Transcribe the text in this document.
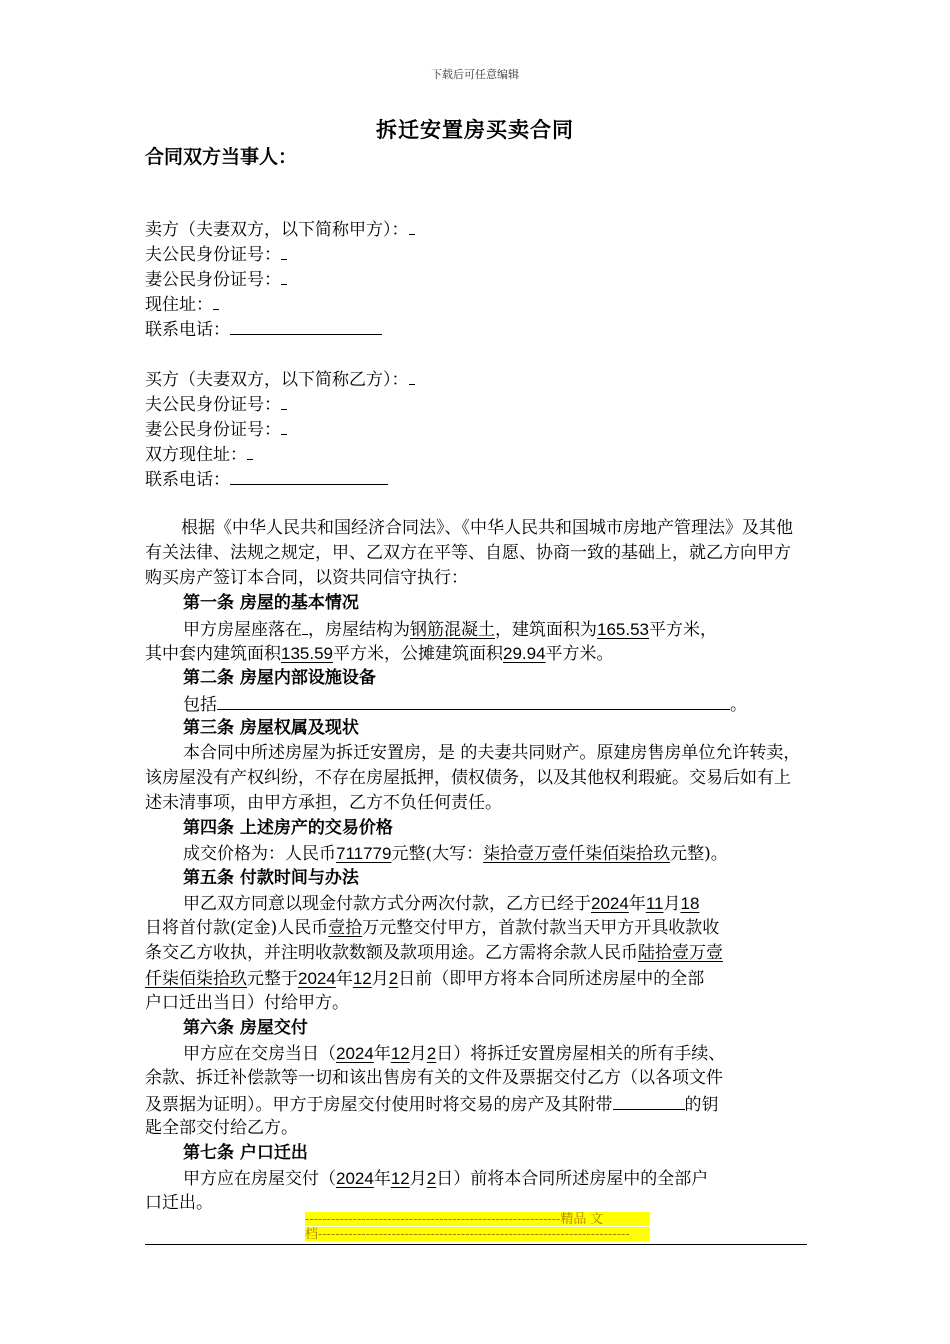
下载后可任意编辑
拆迁安置房买卖合同
合同双方当事人：
卖方（夫妻双方，以下简称甲方）：
夫公民身份证号：
妻公民身份证号：
现住址：
联系电话：
买方（夫妻双方，以下简称乙方）：
夫公民身份证号：
妻公民身份证号：
双方现住址：
联系电话：
根据《中华人民共和国经济合同法》、《中华人民共和国城市房地产管理法》及其他有关法律、法规之规定，甲、乙双方在平等、自愿、协商一致的基础上，就乙方向甲方购买房产签订本合同，以资共同信守执行：
第一条 房屋的基本情况
甲方房屋座落在 ，房屋结构为钢筋混凝土，建筑面积为165.53平方米，
其中套内建筑面积135.59平方米，公摊建筑面积29.94平方米。
第二条 房屋内部设施设备
包括	。
第三条 房屋权属及现状
本合同中所述房屋为拆迁安置房，是 的夫妻共同财产。原建房售房单位允许转卖，该房屋没有产权纠纷，不存在房屋抵押，债权债务，以及其他权利瑕疵。交易后如有上述未清事项，由甲方承担，乙方不负任何责任。
第四条 上述房产的交易价格
成交价格为：人民币711779元整(大写：柒拾壹万壹仟柒佰柒拾玖元整)。
第五条 付款时间与办法
甲乙双方同意以现金付款方式分两次付款，乙方已经于2024年11月18
日将首付款(定金)人民币壹拾万元整交付甲方，首款付款当天甲方开具收款收
条交乙方收执，并注明收款数额及款项用途。乙方需将余款人民币陆拾壹万壹
仟柒佰柒拾玖元整于2024年12月2日前（即甲方将本合同所述房屋中的全部
户口迁出当日）付给甲方。
第六条 房屋交付
甲方应在交房当日（2024年12月2日）将拆迁安置房屋相关的所有手续、
余款、拆迁补偿款等一切和该出售房有关的文件及票据交付乙方（以各项文件
及票据为证明）。甲方于房屋交付使用时将交易的房产及其附带	的钥
匙全部交付给乙方。
第七条 户口迁出
甲方应在房屋交付（2024年12月2日）前将本合同所述房屋中的全部户
口迁出。
-----------------------------------------------------------精品 文
档------------------------------------------------------------------------
